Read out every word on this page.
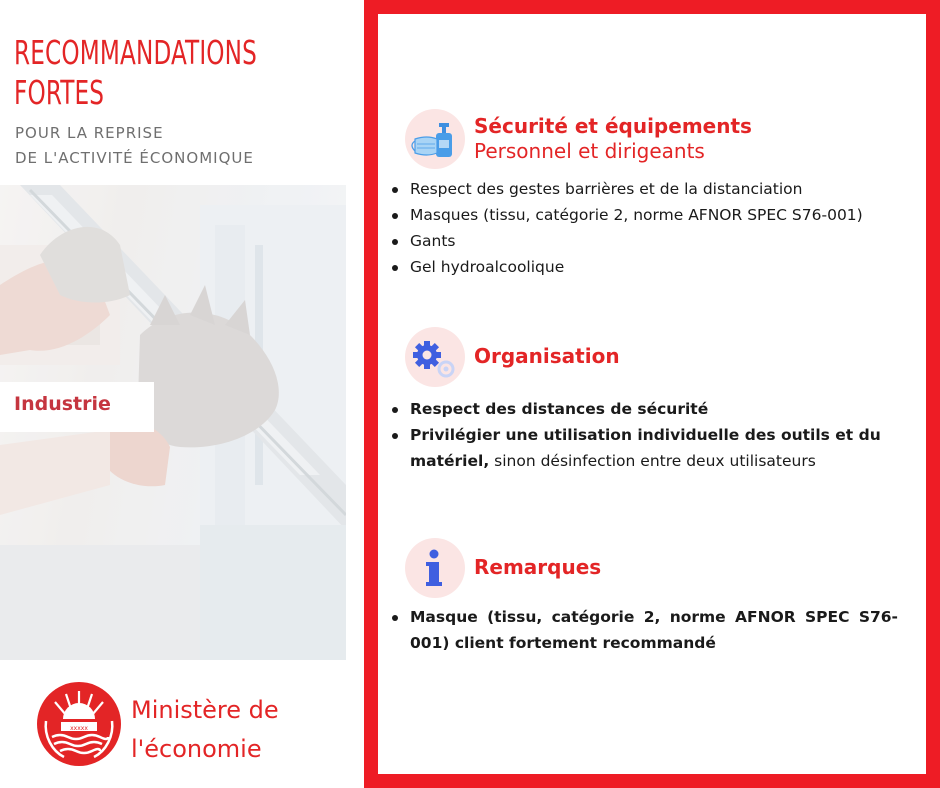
RECOMMANDATIONS
FORTES
POUR LA REPRISE
DE L'ACTIVITÉ ÉCONOMIQUE
Industrie
xxxxx
Ministère de
l'économie
Sécurité et équipements
Personnel et dirigeants
Respect des gestes barrières et de la distanciation
Masques (tissu, catégorie 2, norme AFNOR SPEC S76-001)
Gants
Gel hydroalcoolique
Organisation
Respect des distances de sécurité
Privilégier une utilisation individuelle des outils et du matériel, sinon désinfection entre deux utilisateurs
Remarques
Masque (tissu, catégorie 2, norme AFNOR SPEC S76-001) client fortement recommandé
